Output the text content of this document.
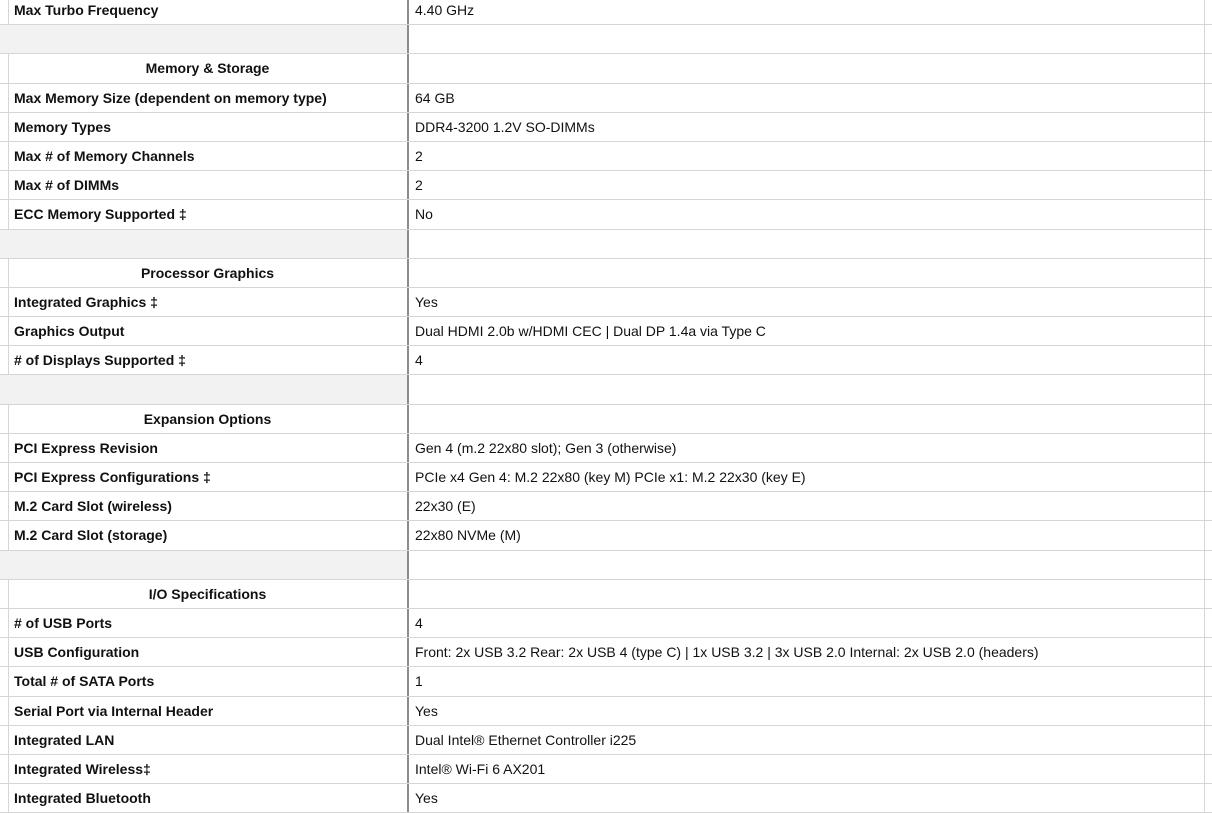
Max Turbo Frequency	4.40 GHz
Memory & Storage
Max Memory Size (dependent on memory type)	64 GB
Memory Types	DDR4-3200 1.2V SO-DIMMs
Max # of Memory Channels	2
Max # of DIMMs	2
ECC Memory Supported ‡	No
Processor Graphics
Integrated Graphics ‡	Yes
Graphics Output	Dual HDMI 2.0b w/HDMI CEC | Dual DP 1.4a via Type C
# of Displays Supported ‡	4
Expansion Options
PCI Express Revision	Gen 4 (m.2 22x80 slot); Gen 3 (otherwise)
PCI Express Configurations ‡	PCIe x4 Gen 4: M.2 22x80 (key M) PCIe x1: M.2 22x30 (key E)
M.2 Card Slot (wireless)	22x30 (E)
M.2 Card Slot (storage)	22x80 NVMe (M)
I/O Specifications
# of USB Ports	4
USB Configuration	Front: 2x USB 3.2 Rear: 2x USB 4 (type C) | 1x USB 3.2 | 3x USB 2.0 Internal: 2x USB 2.0 (headers)
Total # of SATA Ports	1
Serial Port via Internal Header	Yes
Integrated LAN	Dual Intel® Ethernet Controller i225
Integrated Wireless‡	Intel® Wi-Fi 6 AX201
Integrated Bluetooth	Yes
